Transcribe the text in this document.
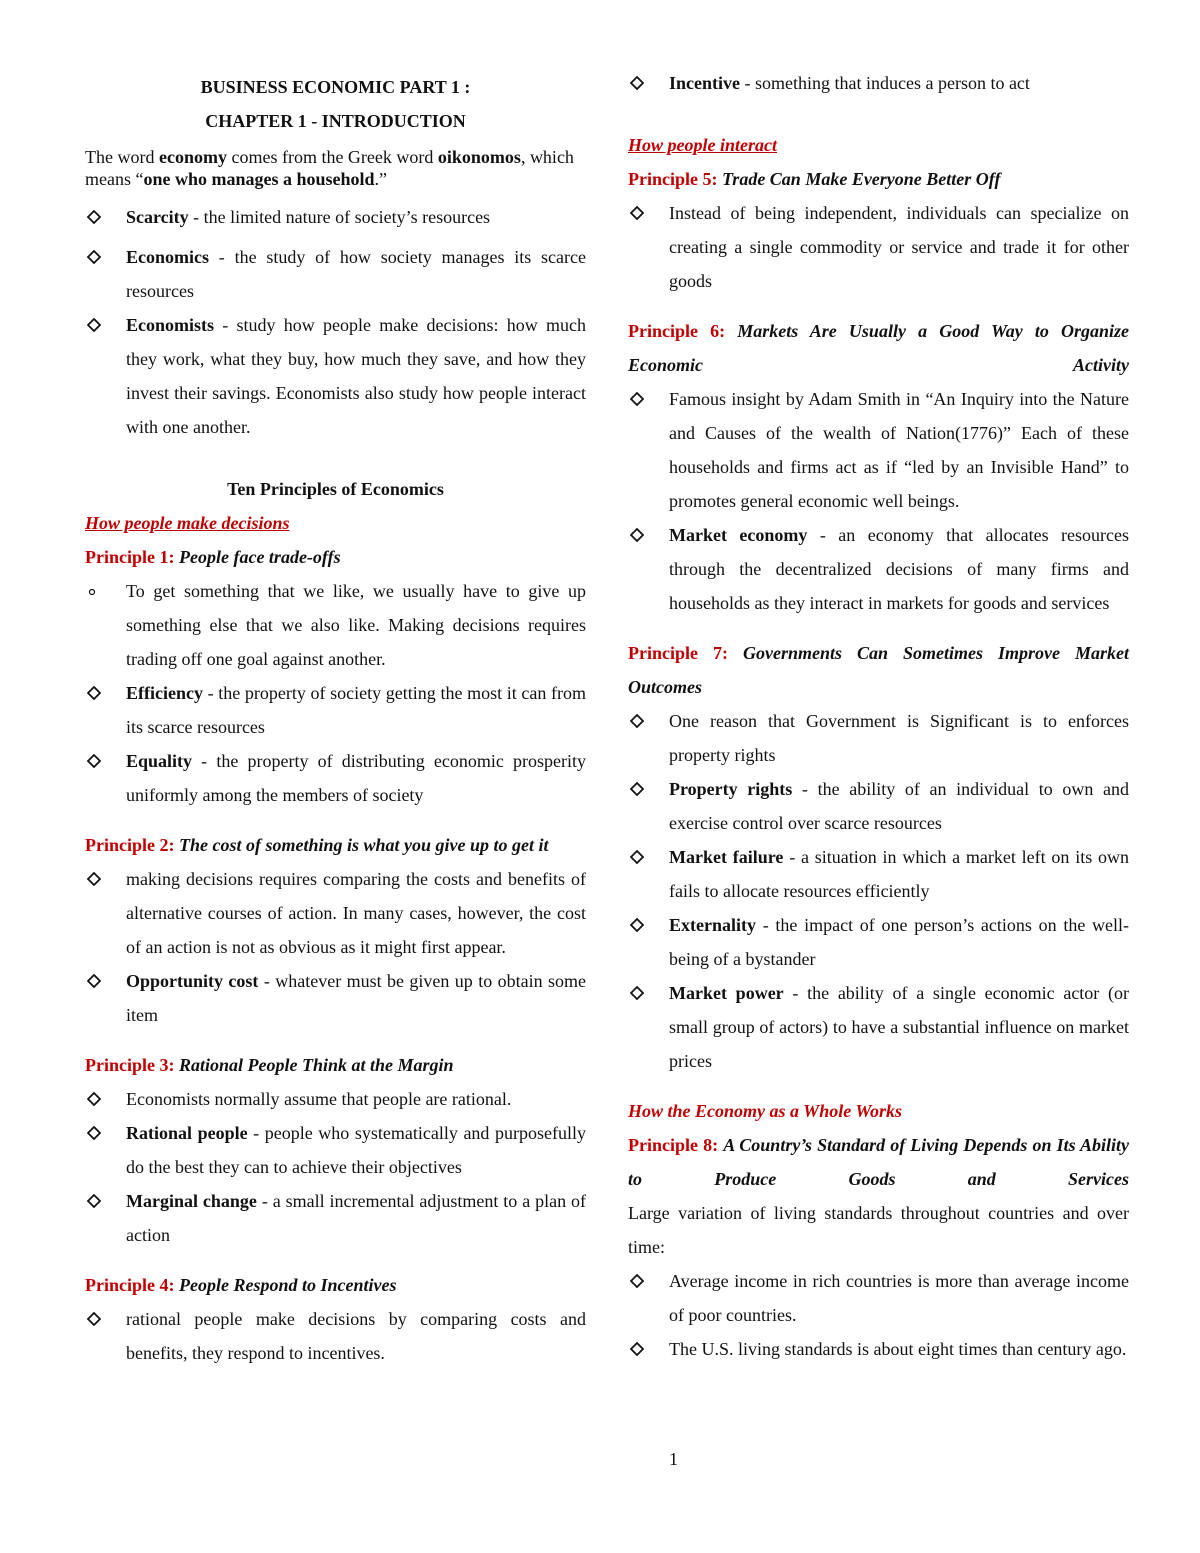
BUSINESS ECONOMIC PART 1 :
CHAPTER 1 - INTRODUCTION

The word economy comes from the Greek word oikonomos, which means “one who manages a household.”

Scarcity - the limited nature of society’s resources
Economics - the study of how society manages its scarce resources
Economists - study how people make decisions: how much they work, what they buy, how much they save, and how they invest their savings. Economists also study how people interact with one another.
Ten Principles of Economics
How people make decisions
Principle 1: People face trade-offs
To get something that we like, we usually have to give up something else that we also like. Making decisions requires trading off one goal against another.
Efficiency - the property of society getting the most it can from its scarce resources
Equality - the property of distributing economic prosperity uniformly among the members of society
Principle 2: The cost of something is what you give up to get it
making decisions requires comparing the costs and benefits of alternative courses of action. In many cases, however, the cost of an action is not as obvious as it might first appear.
Opportunity cost - whatever must be given up to obtain some item
Principle 3: Rational People Think at the Margin
Economists normally assume that people are rational.
Rational people - people who systematically and purposefully do the best they can to achieve their objectives
Marginal change - a small incremental adjustment to a plan of action
Principle 4: People Respond to Incentives
rational people make decisions by comparing costs and benefits, they respond to incentives.
Incentive - something that induces a person to act
How people interact
Principle 5: Trade Can Make Everyone Better Off
Instead of being independent, individuals can specialize on creating a single commodity or service and trade it for other goods
Principle 6: Markets Are Usually a Good Way to Organize Economic Activity
Famous insight by Adam Smith in “An Inquiry into the Nature and Causes of the wealth of Nation(1776)” Each of these households and firms act as if “led by an Invisible Hand” to promotes general economic well beings.
Market economy - an economy that allocates resources through the decentralized decisions of many firms and households as they interact in markets for goods and services
Principle 7: Governments Can Sometimes Improve Market Outcomes
One reason that Government is Significant is to enforces property rights
Property rights - the ability of an individual to own and exercise control over scarce resources
Market failure - a situation in which a market left on its own fails to allocate resources efficiently
Externality - the impact of one person’s actions on the well-being of a bystander
Market power - the ability of a single economic actor (or small group of actors) to have a substantial influence on market prices
How the Economy as a Whole Works
Principle 8: A Country’s Standard of Living Depends on Its Ability to Produce Goods and Services

Large variation of living standards throughout countries and over time:

Average income in rich countries is more than average income of poor countries.
The U.S. living standards is about eight times than century ago.
1
